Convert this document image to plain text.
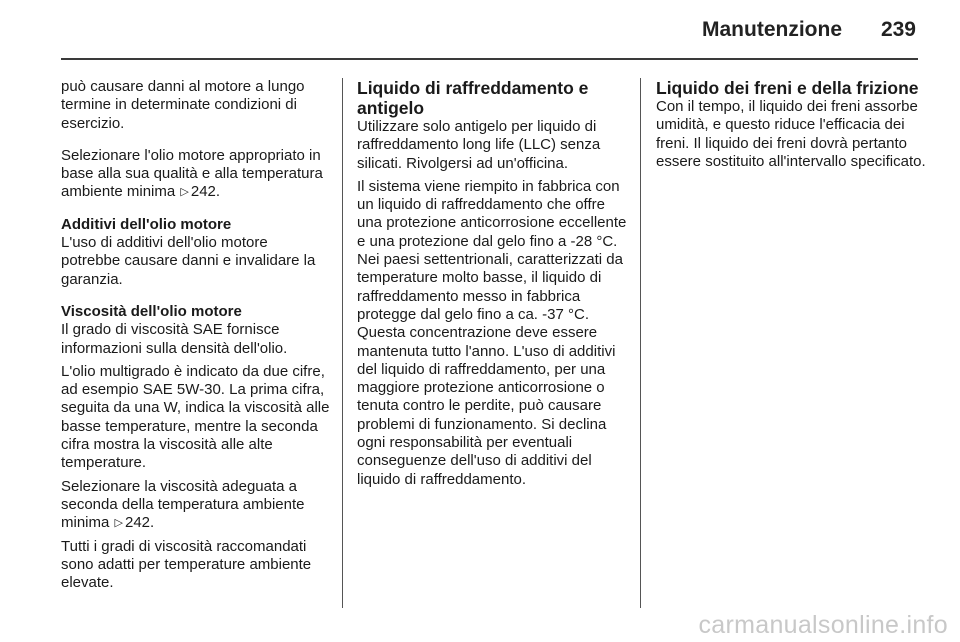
Manutenzione 239

può causare danni al motore a lungo termine in determinate condizioni di esercizio.

Selezionare l'olio motore appropriato in base alla sua qualità e alla temperatura ambiente minima ▷ 242.

Additivi dell'olio motore

L'uso di additivi dell'olio motore potrebbe causare danni e invalidare la garanzia.

Viscosità dell'olio motore

Il grado di viscosità SAE fornisce informazioni sulla densità dell'olio.

L'olio multigrado è indicato da due cifre, ad esempio SAE 5W-30. La prima cifra, seguita da una W, indica la viscosità alle basse temperature, mentre la seconda cifra mostra la viscosità alle alte temperature.

Selezionare la viscosità adeguata a seconda della temperatura ambiente minima ▷ 242.

Tutti i gradi di viscosità raccomandati sono adatti per temperature ambiente elevate.

Liquido di raffreddamento e antigelo

Utilizzare solo antigelo per liquido di raffreddamento long life (LLC) senza silicati. Rivolgersi ad un'officina.

Il sistema viene riempito in fabbrica con un liquido di raffreddamento che offre una protezione anticorrosione eccellente e una protezione dal gelo fino a -28 °C. Nei paesi settentrionali, caratterizzati da temperature molto basse, il liquido di raffreddamento messo in fabbrica protegge dal gelo fino a ca. -37 °C. Questa concentrazione deve essere mantenuta tutto l'anno. L'uso di additivi del liquido di raffreddamento, per una maggiore protezione anticorrosione o tenuta contro le perdite, può causare problemi di funzionamento. Si declina ogni responsabilità per eventuali conseguenze dell'uso di additivi del liquido di raffreddamento.

Liquido dei freni e della frizione

Con il tempo, il liquido dei freni assorbe umidità, e questo riduce l'efficacia dei freni. Il liquido dei freni dovrà pertanto essere sostituito all'intervallo specificato.

carmanualsonline.info
